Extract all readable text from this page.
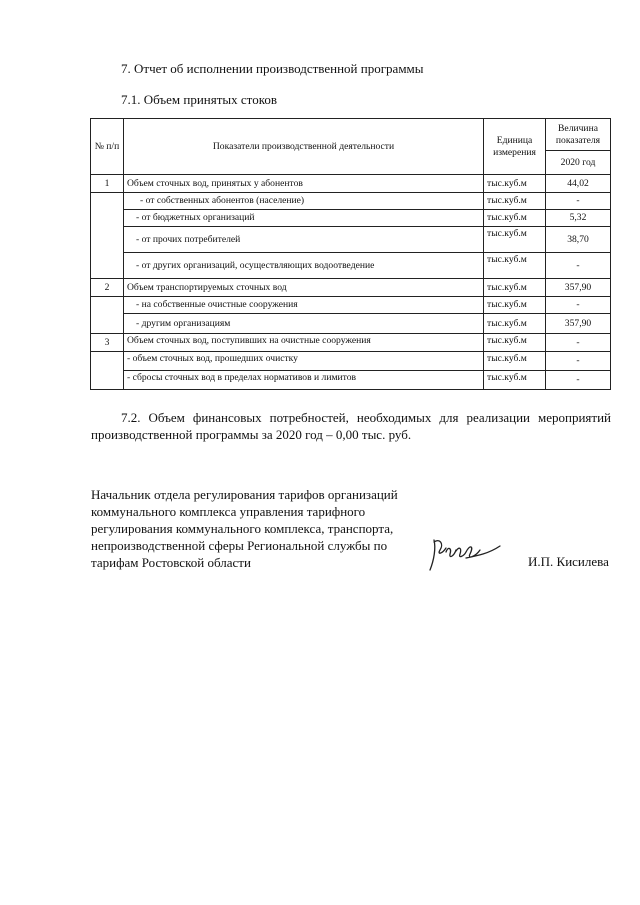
7. Отчет об исполнении производственной программы
7.1. Объем принятых стоков
№ п/п	Показатели производственной деятельности	Единица измерения	Величина показателя
			2020 год
1	Объем сточных вод, принятых у абонентов	тыс.куб.м	44,02
	- от собственных абонентов (население)	тыс.куб.м	-
	- от бюджетных организаций	тыс.куб.м	5,32
	- от прочих потребителей	тыс.куб.м	38,70
	- от других организаций, осуществляющих водоотведение	тыс.куб.м	-
2	Объем транспортируемых сточных вод	тыс.куб.м	357,90
	- на собственные очистные сооружения	тыс.куб.м	-
	- другим организациям	тыс.куб.м	357,90
3	Объем сточных вод, поступивших на очистные сооружения	тыс.куб.м	-
	- объем сточных вод, прошедших очистку	тыс.куб.м	-
	- сбросы сточных вод в пределах нормативов и лимитов	тыс.куб.м	-
7.2. Объем финансовых потребностей, необходимых для реализации мероприятий производственной программы за 2020 год – 0,00 тыс. руб.
Начальник отдела регулирования тарифов организаций
коммунального комплекса управления тарифного
регулирования коммунального комплекса, транспорта,
непроизводственной сферы Региональной службы по
тарифам Ростовской области	И.П. Кисилева
